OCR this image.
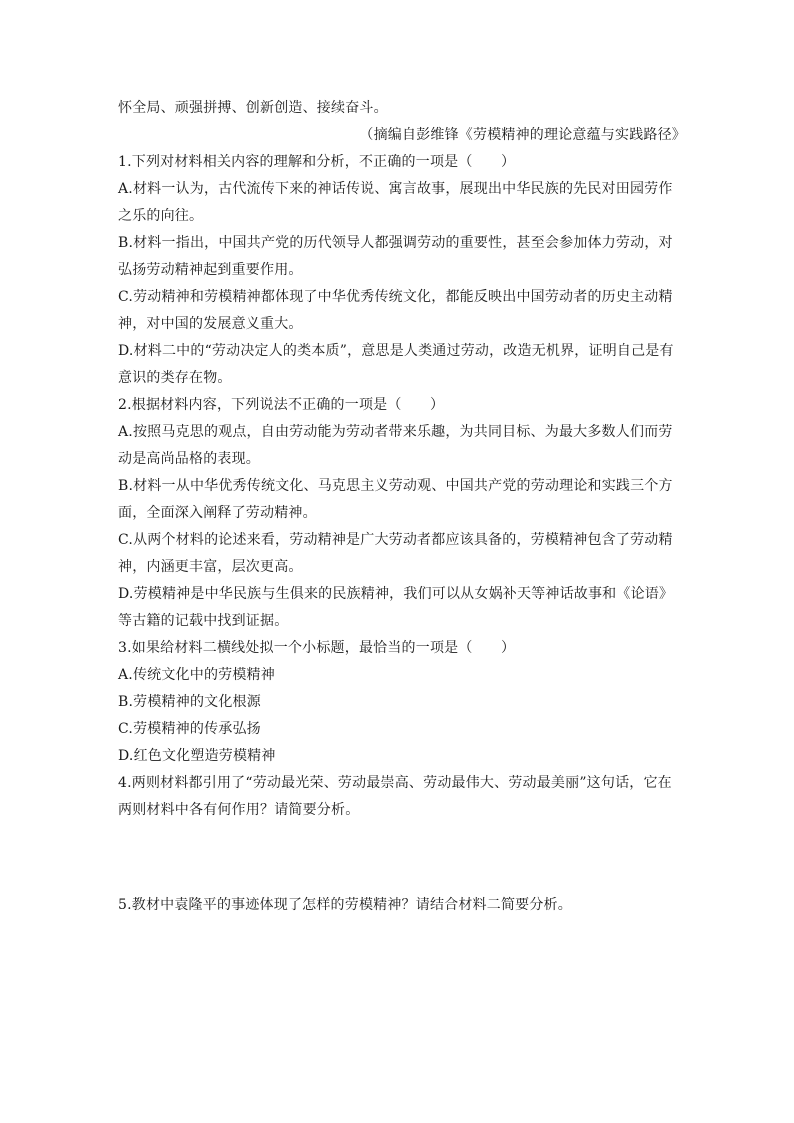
怀全局、顽强拼搏、创新创造、接续奋斗。

（摘编自彭维锋《劳模精神的理论意蕴与实践路径》

1.下列对材料相关内容的理解和分析，不正确的一项是（　　）

A.材料一认为，古代流传下来的神话传说、寓言故事，展现出中华民族的先民对田园劳作之乐的向往。

B.材料一指出，中国共产党的历代领导人都强调劳动的重要性，甚至会参加体力劳动，对弘扬劳动精神起到重要作用。

C.劳动精神和劳模精神都体现了中华优秀传统文化，都能反映出中国劳动者的历史主动精神，对中国的发展意义重大。

D.材料二中的“劳动决定人的类本质”，意思是人类通过劳动，改造无机界，证明自己是有意识的类存在物。

2.根据材料内容，下列说法不正确的一项是（　　）

A.按照马克思的观点，自由劳动能为劳动者带来乐趣，为共同目标、为最大多数人们而劳动是高尚品格的表现。

B.材料一从中华优秀传统文化、马克思主义劳动观、中国共产党的劳动理论和实践三个方面，全面深入阐释了劳动精神。

C.从两个材料的论述来看，劳动精神是广大劳动者都应该具备的，劳模精神包含了劳动精神，内涵更丰富，层次更高。

D.劳模精神是中华民族与生俱来的民族精神，我们可以从女娲补天等神话故事和《论语》等古籍的记载中找到证据。

3.如果给材料二横线处拟一个小标题，最恰当的一项是（　　）

A.传统文化中的劳模精神

B.劳模精神的文化根源

C.劳模精神的传承弘扬

D.红色文化塑造劳模精神

4.两则材料都引用了“劳动最光荣、劳动最崇高、劳动最伟大、劳动最美丽”这句话，它在两则材料中各有何作用？请简要分析。

5.教材中袁隆平的事迹体现了怎样的劳模精神？请结合材料二简要分析。
